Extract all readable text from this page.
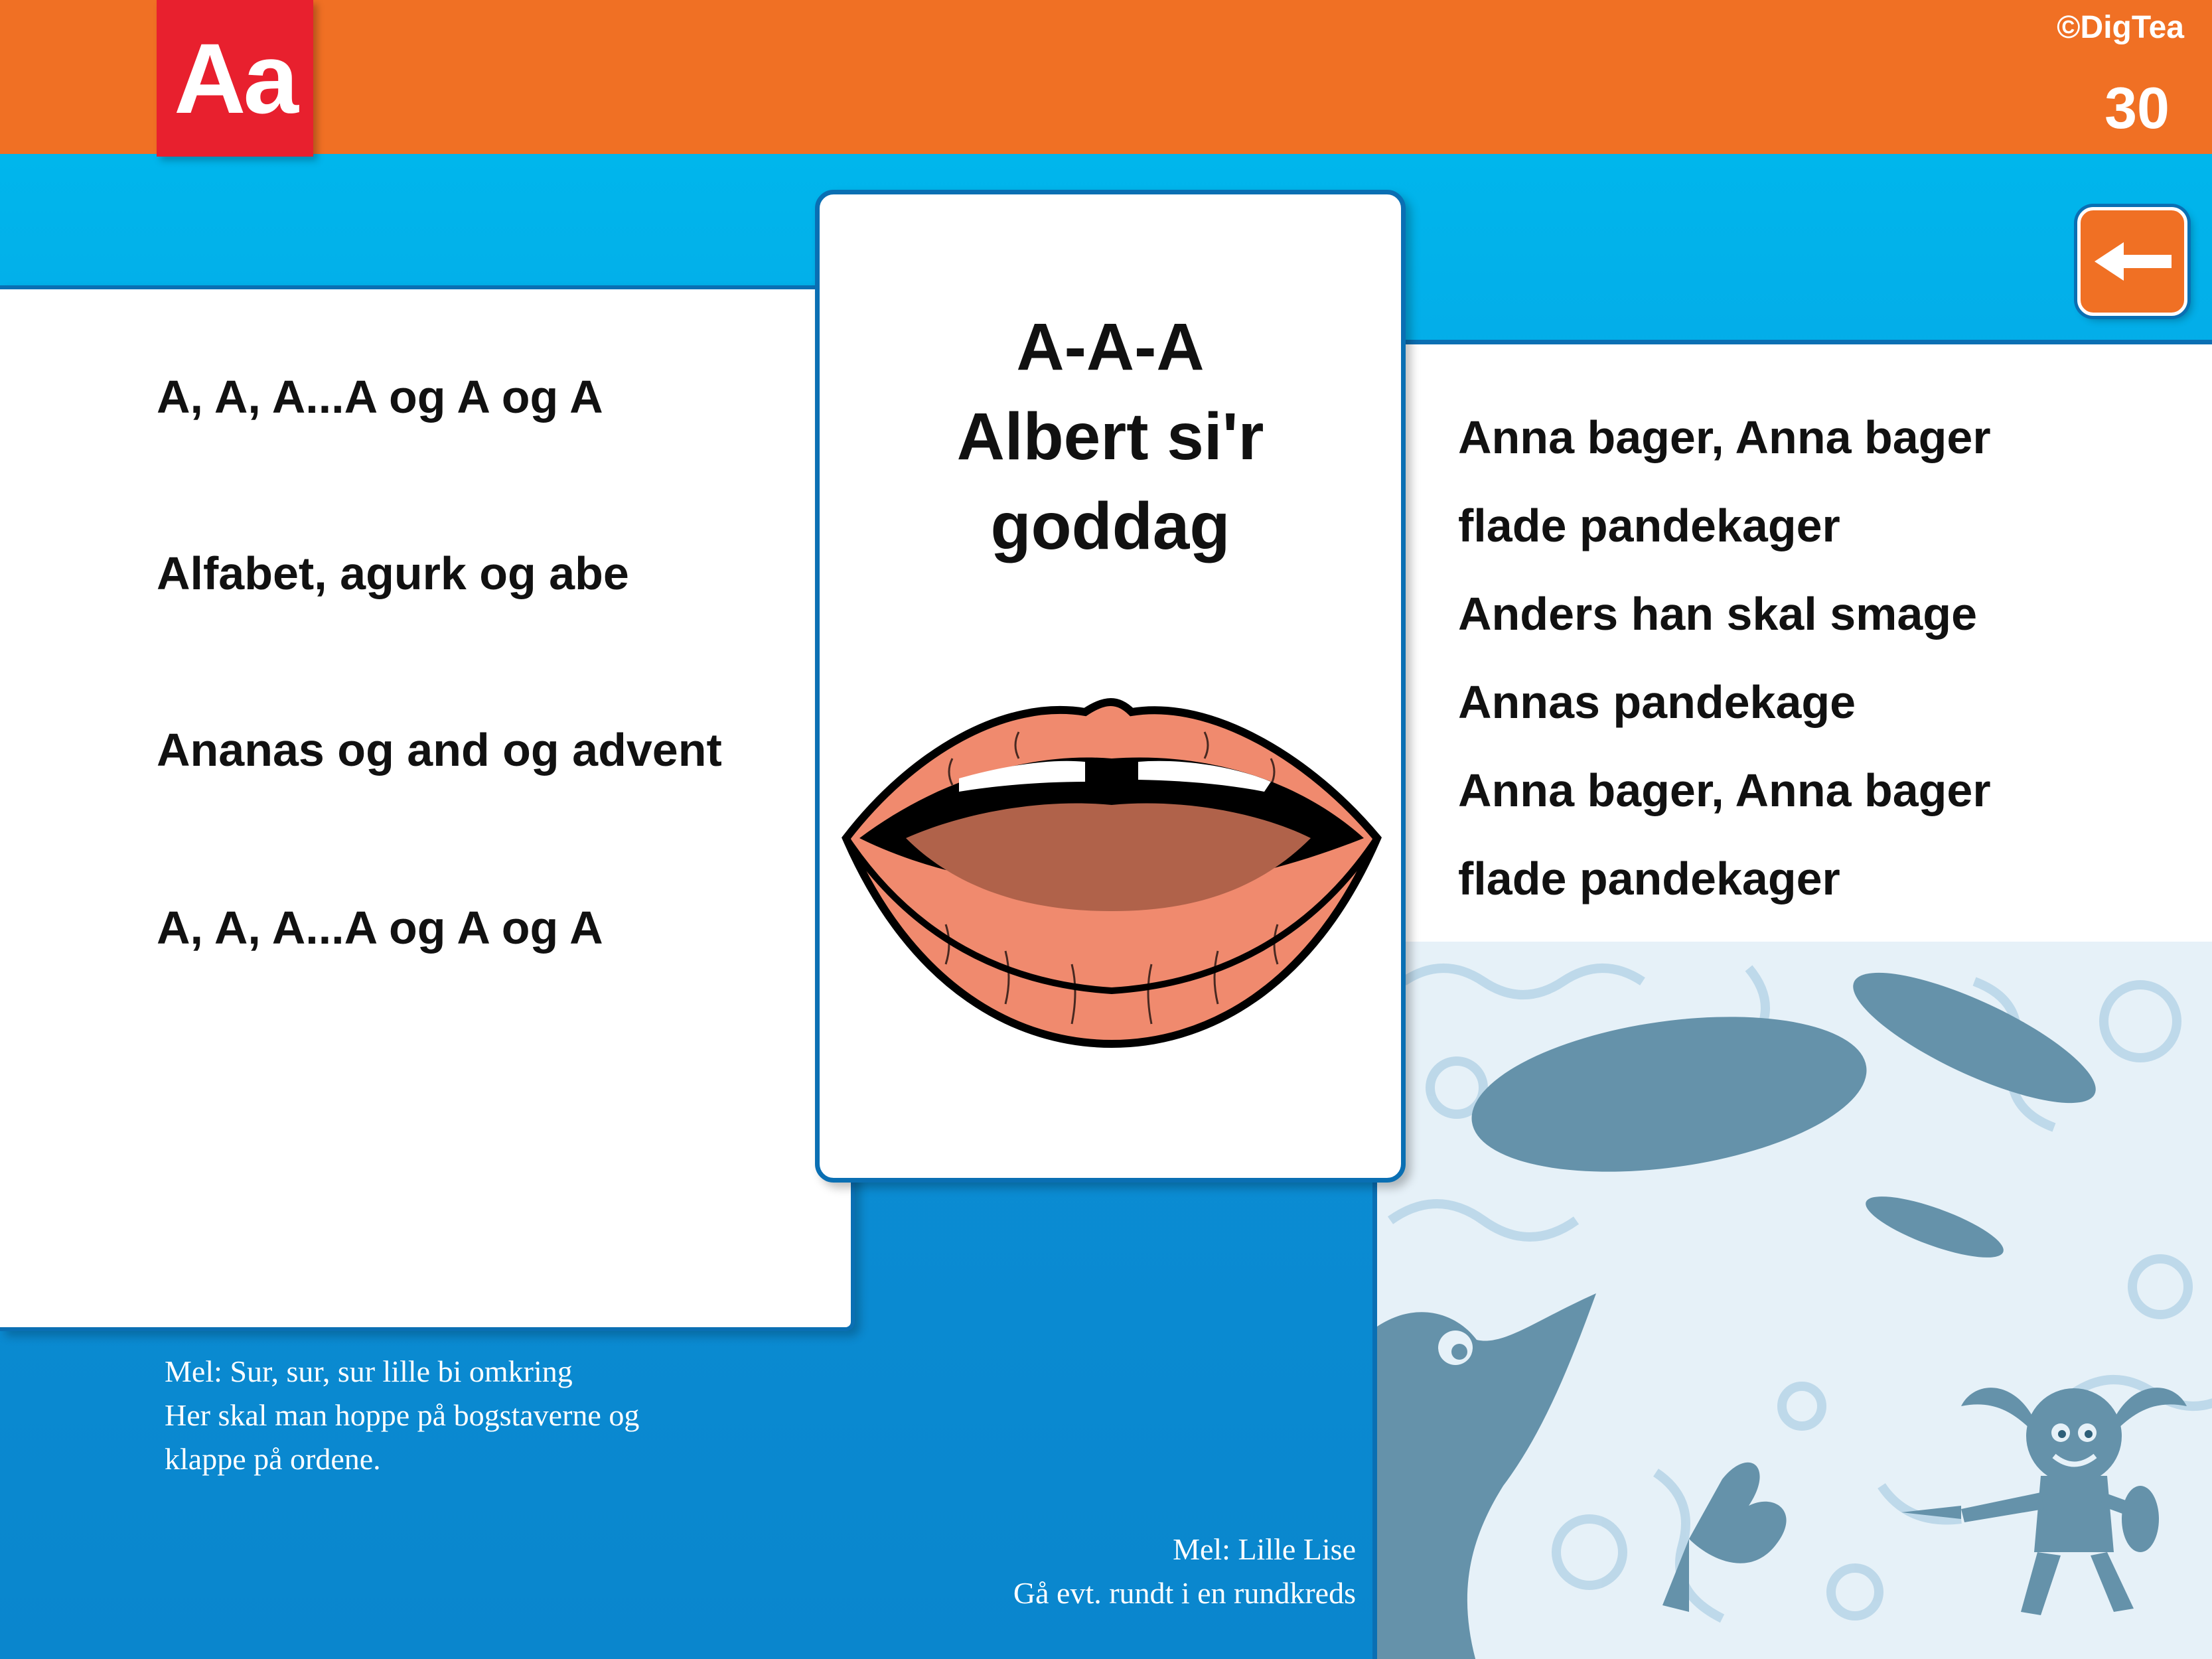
Aa	©DigTea
30

A, A, A...A og A og A

Alfabet, agurk og abe

Ananas og and og advent

A, A, A...A og A og A

Mel: Sur, sur, sur lille bi omkring
Her skal man hoppe på bogstaverne og
klappe på ordene.

Anna bager, Anna bager

flade pandekager

Anders han skal smage

Annas pandekage

Anna bager, Anna bager

flade pandekager

A-A-A
Albert si'r
goddag
Mel: Lille Lise
Gå evt. rundt i en rundkreds
